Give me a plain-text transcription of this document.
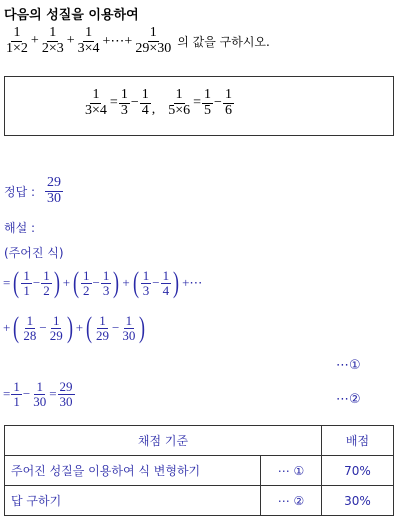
다음의 성질을 이용하여
$\frac{1}{1\times 2} + \frac{1}{2\times 3} + \frac{1}{3\times 4}$ +⋯+ $\frac{1}{29\times 30}$ 의 값을 구하시오.
$\frac{1}{3\times 4} = \frac{1}{3} - \frac{1}{4}$ , $\frac{1}{5\times 6} = \frac{1}{5} - \frac{1}{6}$
정답 : $\frac{29}{30}$
해설 :
(주어진 식)
= ( $\frac{1}{1} - \frac{1}{2}$ ) + ( $\frac{1}{2} - \frac{1}{3}$ ) + ( $\frac{1}{3} - \frac{1}{4}$ ) +⋯
+ ( $\frac{1}{28} - \frac{1}{29}$ ) + ( $\frac{1}{29} - \frac{1}{30}$ )
⋯①
= $\frac{1}{1} - \frac{1}{30} = \frac{29}{30}$	⋯②
채점 기준		배점
주어진 성질을 이용하여 식 변형하기	⋯ ①	70%
답 구하기	⋯ ②	30%
